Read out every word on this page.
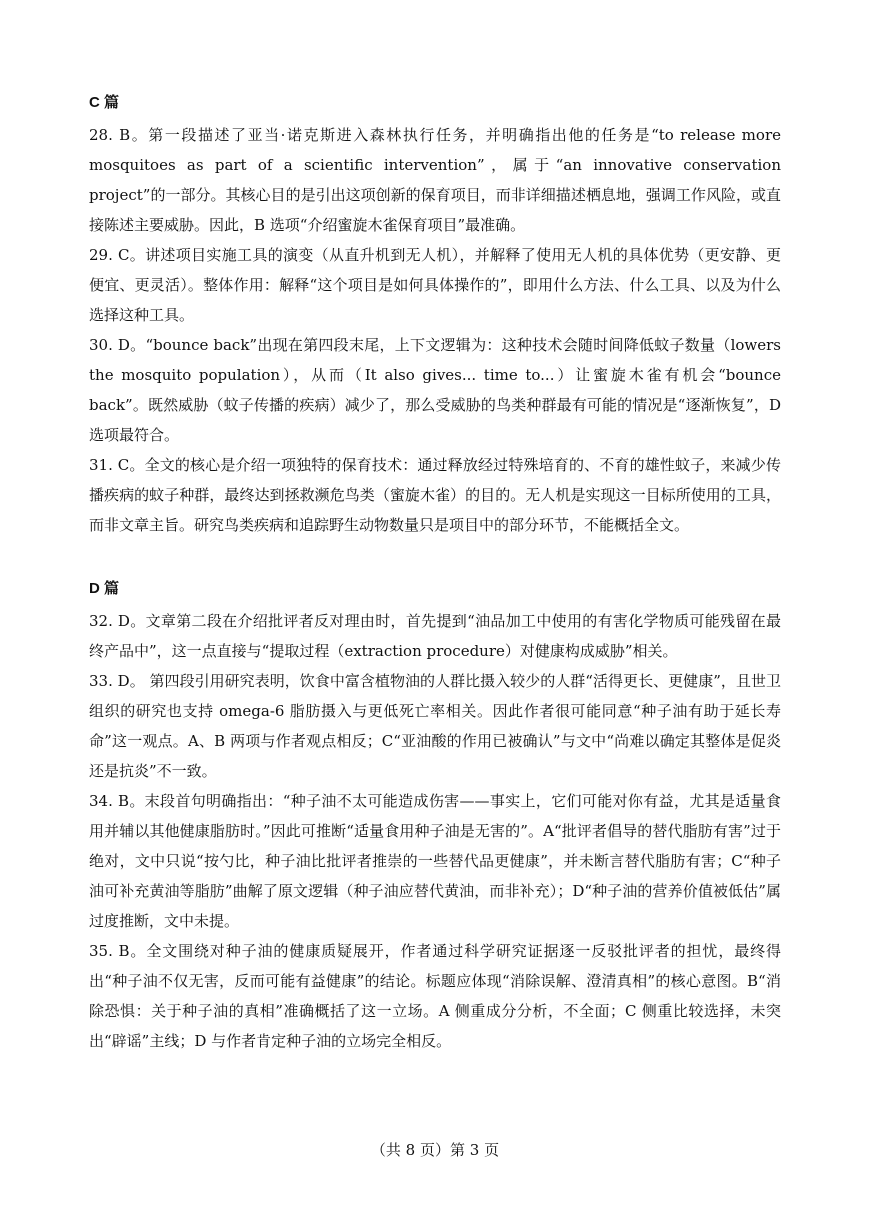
C 篇

28. B。第一段描述了亚当·诺克斯进入森林执行任务，并明确指出他的任务是“to release more mosquitoes as part of a scientific intervention”，属于“an innovative conservation project”的一部分。其核心目的是引出这项创新的保育项目，而非详细描述栖息地，强调工作风险，或直接陈述主要威胁。因此，B 选项“介绍蜜旋木雀保育项目”最准确。

29. C。讲述项目实施工具的演变（从直升机到无人机），并解释了使用无人机的具体优势（更安静、更便宜、更灵活）。整体作用：解释“这个项目是如何具体操作的”，即用什么方法、什么工具、以及为什么选择这种工具。

30. D。“bounce back”出现在第四段末尾，上下文逻辑为：这种技术会随时间降低蚊子数量（lowers the mosquito population），从而（It also gives... time to...）让蜜旋木雀有机会“bounce back”。既然威胁（蚊子传播的疾病）减少了，那么受威胁的鸟类种群最有可能的情况是“逐渐恢复”，D 选项最符合。

31. C。全文的核心是介绍一项独特的保育技术：通过释放经过特殊培育的、不育的雄性蚊子，来减少传播疾病的蚊子种群，最终达到拯救濒危鸟类（蜜旋木雀）的目的。无人机是实现这一目标所使用的工具，而非文章主旨。研究鸟类疾病和追踪野生动物数量只是项目中的部分环节，不能概括全文。

D 篇

32. D。文章第二段在介绍批评者反对理由时，首先提到“油品加工中使用的有害化学物质可能残留在最终产品中”，这一点直接与“提取过程（extraction procedure）对健康构成威胁”相关。

33. D。 第四段引用研究表明，饮食中富含植物油的人群比摄入较少的人群“活得更长、更健康”，且世卫组织的研究也支持 omega-6 脂肪摄入与更低死亡率相关。因此作者很可能同意“种子油有助于延长寿命”这一观点。A、B 两项与作者观点相反；C“亚油酸的作用已被确认”与文中“尚难以确定其整体是促炎还是抗炎”不一致。

34. B。末段首句明确指出：“种子油不太可能造成伤害——事实上，它们可能对你有益，尤其是适量食用并辅以其他健康脂肪时。”因此可推断“适量食用种子油是无害的”。A“批评者倡导的替代脂肪有害”过于绝对，文中只说“按勺比，种子油比批评者推崇的一些替代品更健康”，并未断言替代脂肪有害；C“种子油可补充黄油等脂肪”曲解了原文逻辑（种子油应替代黄油，而非补充）；D“种子油的营养价值被低估”属过度推断，文中未提。

35. B。全文围绕对种子油的健康质疑展开，作者通过科学研究证据逐一反驳批评者的担忧，最终得出“种子油不仅无害，反而可能有益健康”的结论。标题应体现“消除误解、澄清真相”的核心意图。B“消除恐惧：关于种子油的真相”准确概括了这一立场。A 侧重成分分析，不全面；C 侧重比较选择，未突出“辟谣”主线；D 与作者肯定种子油的立场完全相反。

（共 8 页）第 3 页
